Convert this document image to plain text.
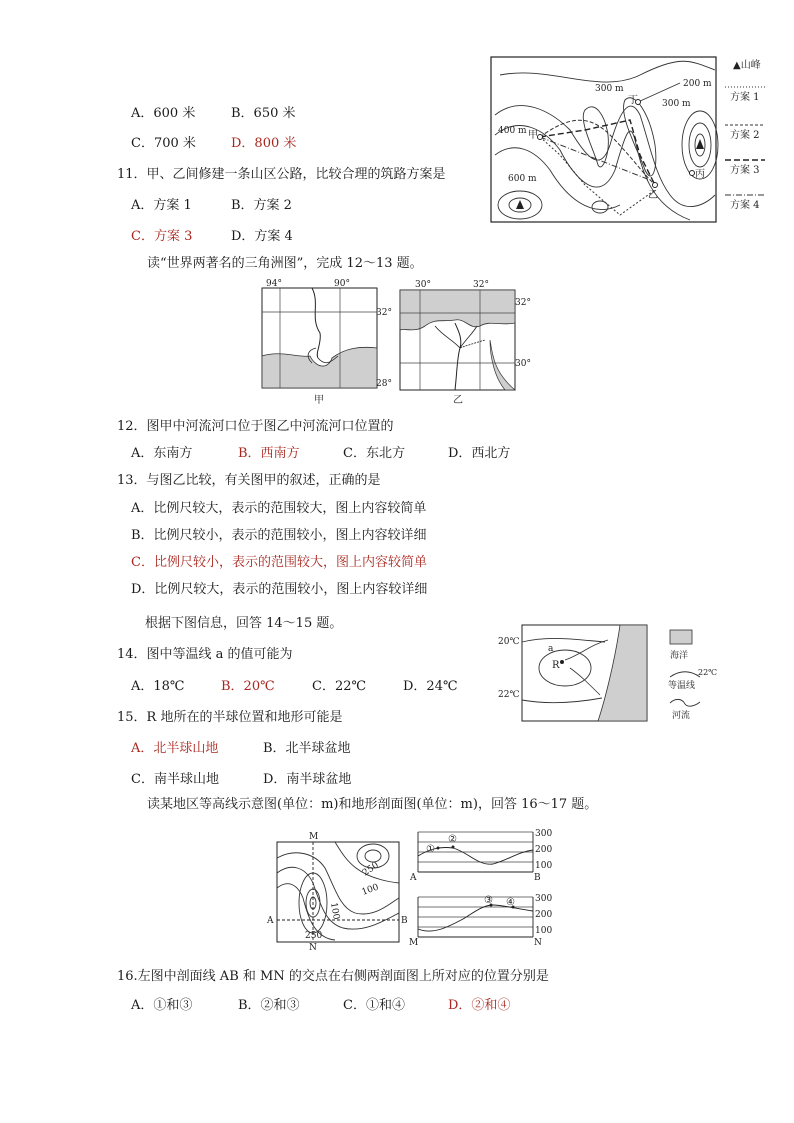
A．600 米	B．650 米
C．700 米	D．800 米
11．甲、乙间修建一条山区公路，比较合理的筑路方案是
A．方案 1	B．方案 2
C．方案 3	D．方案 4
300 m	200 m
300 m
400 m
600 m
丁
甲
乙
丙
▲山峰
方案 1
方案 2
方案 3
方案 4
读“世界两著名的三角洲图”，完成 12～13 题。
94°	90°
32°
28°
甲
30°	32°
32°
30°
乙
12．图甲中河流河口位于图乙中河流河口位置的
A．东南方	B．西南方	C．东北方	D．西北方
13．与图乙比较，有关图甲的叙述，正确的是
A．比例尺较大，表示的范围较大，图上内容较简单
B．比例尺较小，表示的范围较小，图上内容较详细
C．比例尺较小，表示的范围较大，图上内容较简单
D．比例尺较大，表示的范围较小，图上内容较详细
根据下图信息，回答 14～15 题。
20℃
22℃
a
R
海洋
22℃
等温线
河流
14．图中等温线 a 的值可能为
A．18℃	B．20℃	C．22℃	D．24℃
15．R 地所在的半球位置和地形可能是
A．北半球山地	B．北半球盆地
C．南半球山地	D．南半球盆地
读某地区等高线示意图(单位：m)和地形剖面图(单位：m)，回答 16～17 题。
M
N
A	B
250
100
100
250
①
②
A	B
300
200
100
③ ④
M	N
300
200
100
16.左图中剖面线 AB 和 MN 的交点在右侧两剖面图上所对应的位置分别是
A．①和③	B．②和③	C．①和④	D．②和④
